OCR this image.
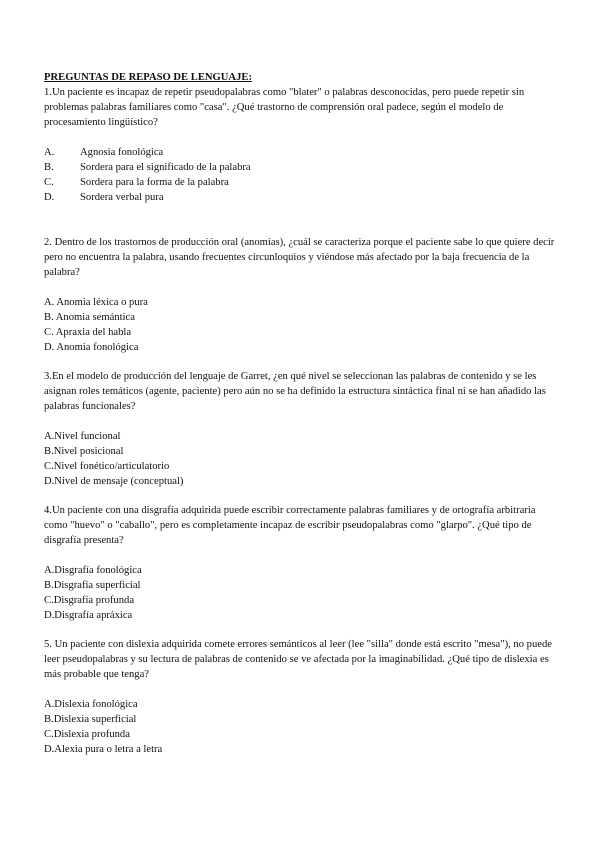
PREGUNTAS DE REPASO DE LENGUAJE:

1.Un paciente es incapaz de repetir pseudopalabras como "blater" o palabras desconocidas, pero puede repetir sin problemas palabras familiares como "casa". ¿Qué trastorno de comprensión oral padece, según el modelo de procesamiento lingüístico?

A.	Agnosia fonológica
B.	Sordera para el significado de la palabra
C.	Sordera para la forma de la palabra
D.	Sordera verbal pura

2. Dentro de los trastornos de producción oral (anomias), ¿cuál se caracteriza porque el paciente sabe lo que quiere decir pero no encuentra la palabra, usando frecuentes circunloquios y viéndose más afectado por la baja frecuencia de la palabra?

A. Anomia léxica o pura
B. Anomia semántica
C. Apraxia del habla
D. Anomia fonológica

3.En el modelo de producción del lenguaje de Garret, ¿en qué nivel se seleccionan las palabras de contenido y se les asignan roles temáticos (agente, paciente) pero aún no se ha definido la estructura sintáctica final ni se han añadido las palabras funcionales?

A.Nivel funcional
B.Nivel posicional
C.Nivel fonético/articulatorio
D.Nivel de mensaje (conceptual)

4.Un paciente con una disgrafía adquirida puede escribir correctamente palabras familiares y de ortografía arbitraria como "huevo" o "caballo", pero es completamente incapaz de escribir pseudopalabras como "glarpo". ¿Qué tipo de disgrafía presenta?

A.Disgrafía fonológica
B.Disgrafía superficial
C.Disgrafía profunda
D.Disgrafía apráxica

5. Un paciente con dislexia adquirida comete errores semánticos al leer (lee "silla" donde está escrito "mesa"), no puede leer pseudopalabras y su lectura de palabras de contenido se ve afectada por la imaginabilidad. ¿Qué tipo de dislexia es más probable que tenga?

A.Dislexia fonológica
B.Dislexia superficial
C.Dislexia profunda
D.Alexia pura o letra a letra
